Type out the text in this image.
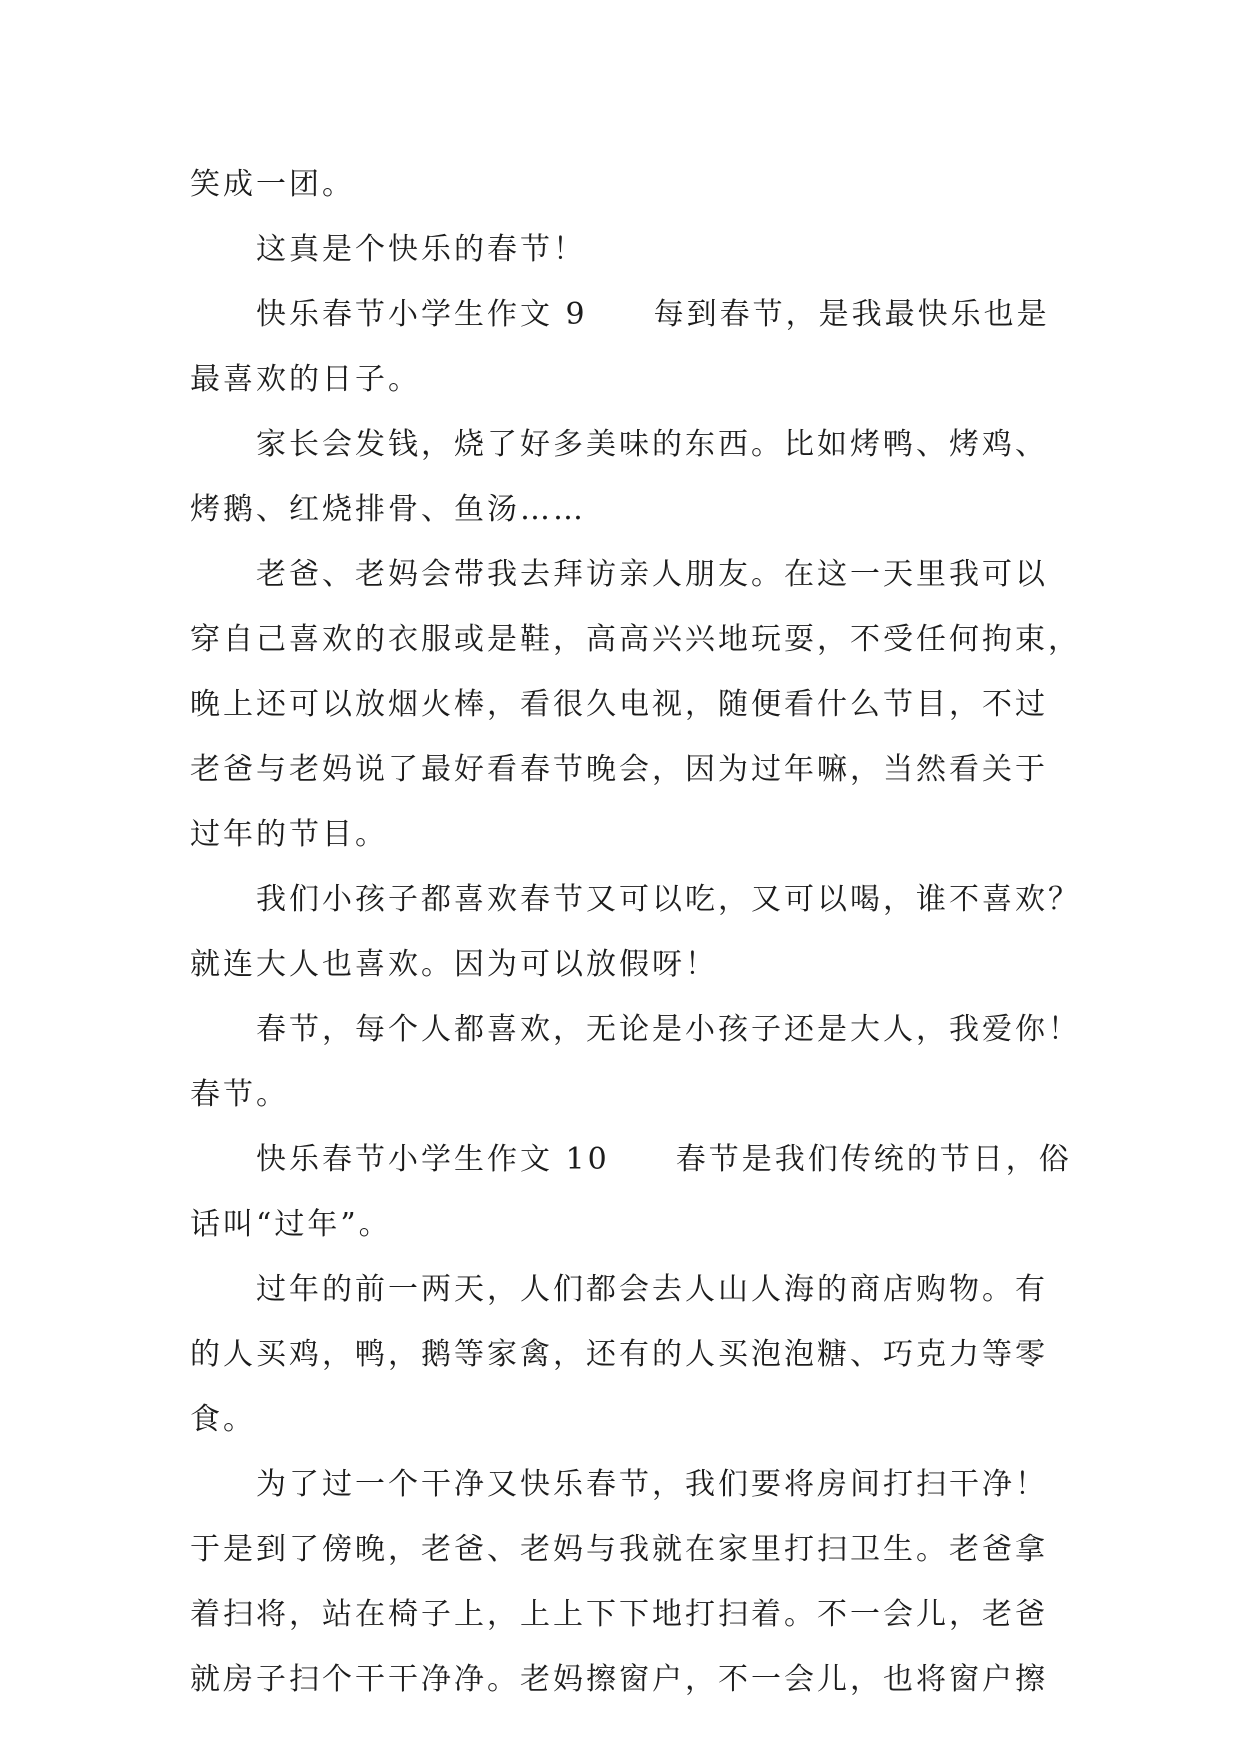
笑成一团。
这真是个快乐的春节！
快乐春节小学生作文 9 每到春节，是我最快乐也是
最喜欢的日子。
家长会发钱，烧了好多美味的东西。比如烤鸭、烤鸡、
烤鹅、红烧排骨、鱼汤……
老爸、老妈会带我去拜访亲人朋友。在这一天里我可以
穿自己喜欢的衣服或是鞋，高高兴兴地玩耍，不受任何拘束，
晚上还可以放烟火棒，看很久电视，随便看什么节目，不过
老爸与老妈说了最好看春节晚会，因为过年嘛，当然看关于
过年的节目。
我们小孩子都喜欢春节又可以吃，又可以喝，谁不喜欢？
就连大人也喜欢。因为可以放假呀！
春节，每个人都喜欢，无论是小孩子还是大人，我爱你！
春节。
快乐春节小学生作文 10 春节是我们传统的节日，俗
话叫“过年”。
过年的前一两天，人们都会去人山人海的商店购物。有
的人买鸡，鸭，鹅等家禽，还有的人买泡泡糖、巧克力等零
食。
为了过一个干净又快乐春节，我们要将房间打扫干净！
于是到了傍晚，老爸、老妈与我就在家里打扫卫生。老爸拿
着扫将，站在椅子上，上上下下地打扫着。不一会儿，老爸
就房子扫个干干净净。老妈擦窗户，不一会儿，也将窗户擦
